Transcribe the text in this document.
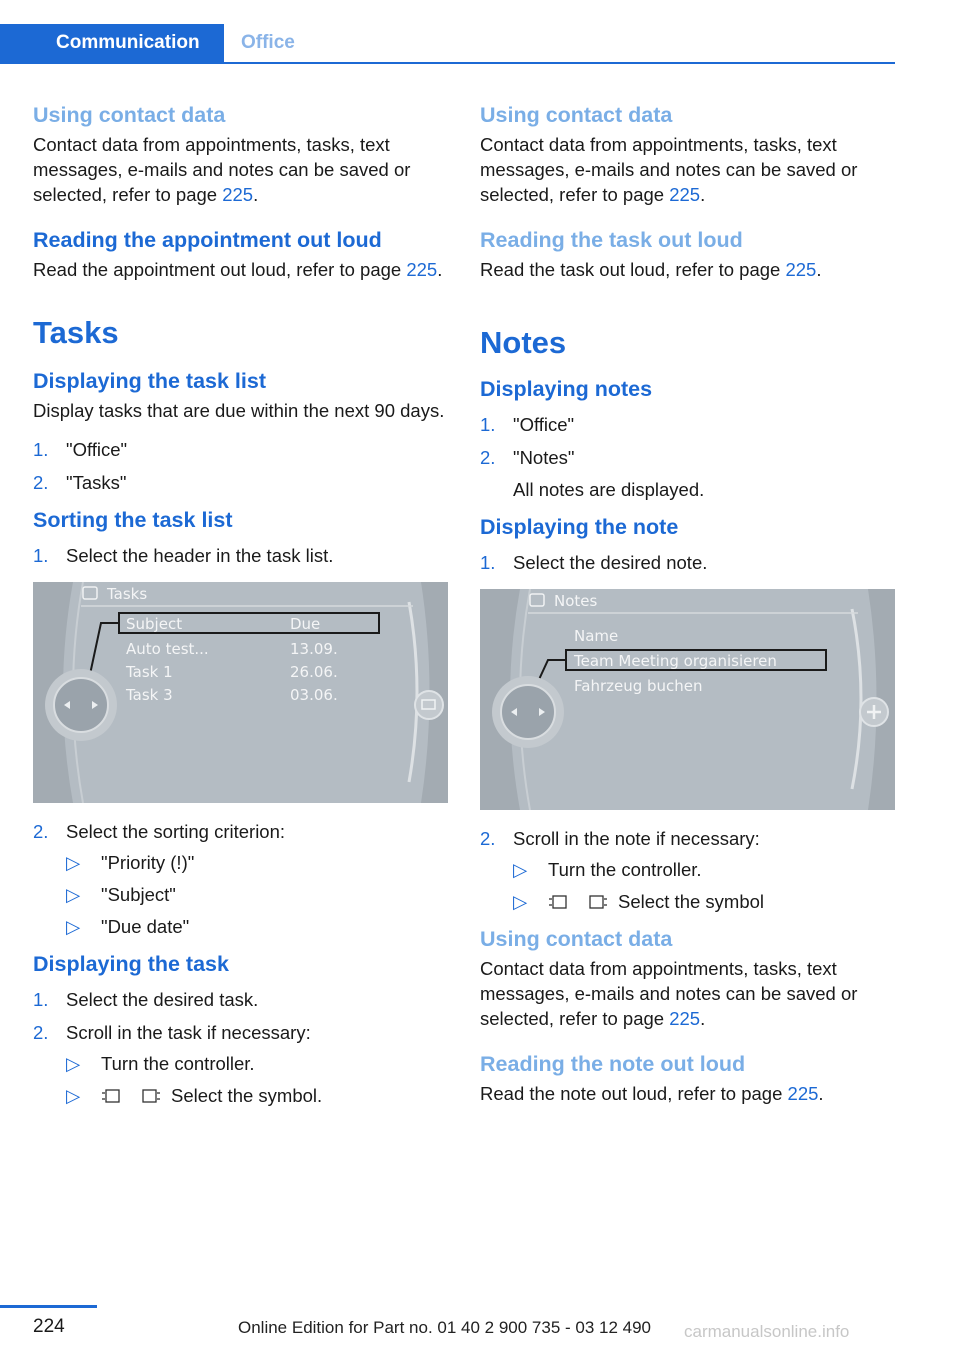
Communication	Office
Using contact data
Contact data from appointments, tasks, text messages, e-mails and notes can be saved or selected, refer to page 225.
Reading the appointment out loud
Read the appointment out loud, refer to page 225.
Tasks
Displaying the task list
Display tasks that are due within the next 90 days.
1. "Office"
2. "Tasks"
Sorting the task list
1. Select the header in the task list.
Tasks
Subject	Due
Auto test...	13.09.
Task 1	26.06.
Task 3	03.06.
2. Select the sorting criterion:
▷ "Priority (!)"
▷ "Subject"
▷ "Due date"
Displaying the task
1. Select the desired task.
2. Scroll in the task if necessary:
▷ Turn the controller.
▷	Select the symbol.
Using contact data
Contact data from appointments, tasks, text messages, e-mails and notes can be saved or selected, refer to page 225.
Reading the task out loud
Read the task out loud, refer to page 225.
Notes
Displaying notes
1. "Office"
2. "Notes"
All notes are displayed.
Displaying the note
1. Select the desired note.
Notes
Name
Team Meeting organisieren
Fahrzeug buchen
2. Scroll in the note if necessary:
▷ Turn the controller.
▷	Select the symbol
Using contact data
Contact data from appointments, tasks, text messages, e-mails and notes can be saved or selected, refer to page 225.
Reading the note out loud
Read the note out loud, refer to page 225.
224	Online Edition for Part no. 01 40 2 900 735 - 03 12 490 carmanualsonline.info
